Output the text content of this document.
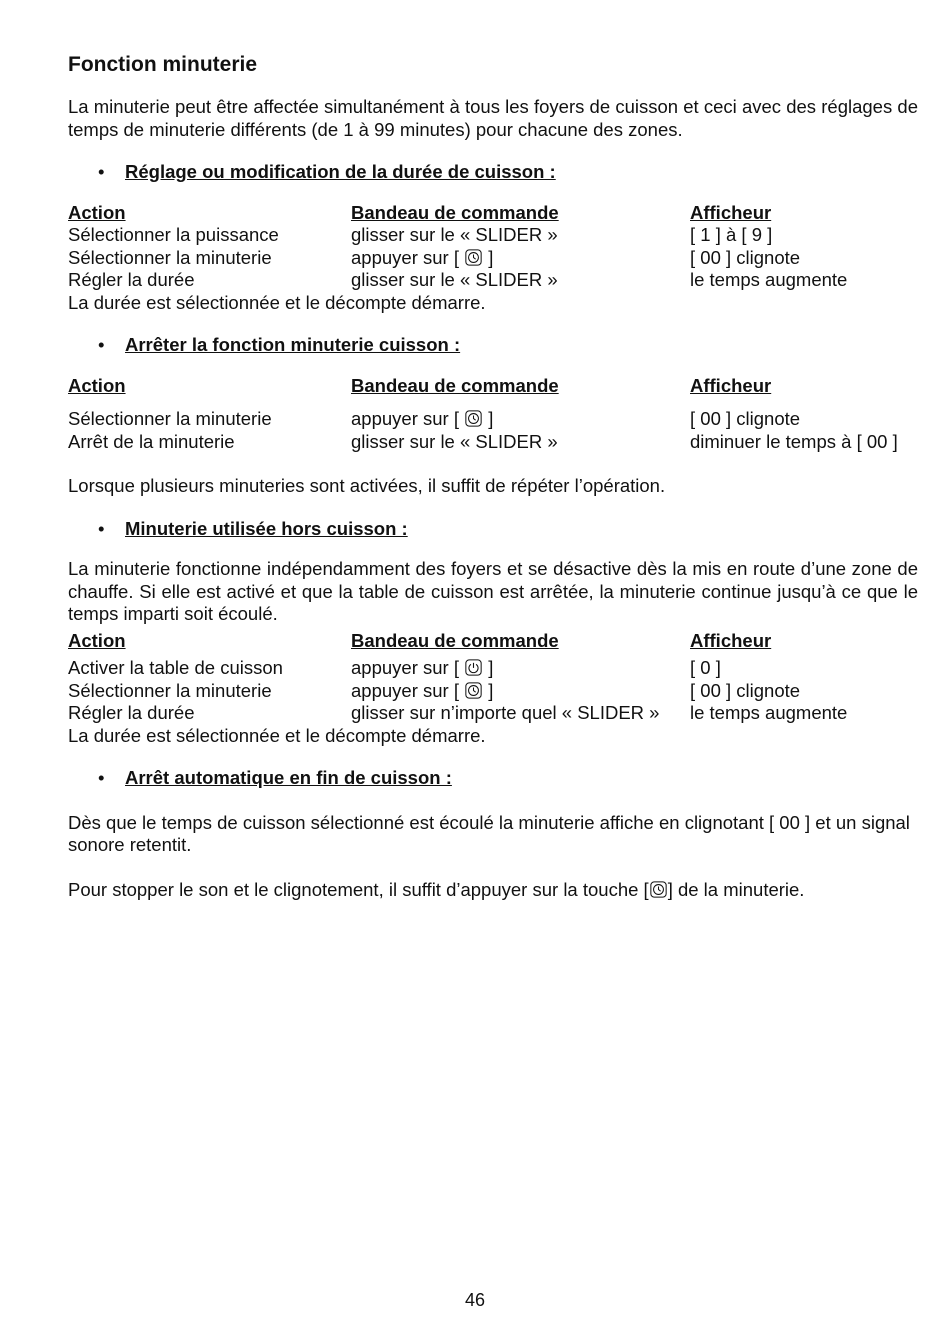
Fonction minuterie

La minuterie peut être affectée simultanément à tous les foyers de cuisson et ceci avec des réglages de temps de minuterie différents (de 1 à 99 minutes) pour chacune des zones.

• Réglage ou modification de la durée de cuisson :
Action	Bandeau de commande	Afficheur
Sélectionner la puissance	glisser sur le « SLIDER »	[ 1 ] à [ 9 ]
Sélectionner la minuterie	appuyer sur [ ]	[ 00 ] clignote
Régler la durée	glisser sur le « SLIDER »	le temps augmente

La durée est sélectionnée et le décompte démarre.

• Arrêter la fonction minuterie cuisson :
Action	Bandeau de commande	Afficheur
Sélectionner la minuterie	appuyer sur [ ]	[ 00 ] clignote
Arrêt de la minuterie	glisser sur le « SLIDER »	diminuer le temps à [ 00 ]

Lorsque plusieurs minuteries sont activées, il suffit de répéter l’opération.

• Minuterie utilisée hors cuisson :

La minuterie fonctionne indépendamment des foyers et se désactive dès la mis en route d’une zone de chauffe. Si elle est activé et que la table de cuisson est arrêtée, la minuterie continue jusqu’à ce que le temps imparti soit écoulé.

Action	Bandeau de commande	Afficheur
Activer la table de cuisson	appuyer sur [ ]	[ 0 ]
Sélectionner la minuterie	appuyer sur [ ]	[ 00 ] clignote
Régler la durée	glisser sur n’importe quel « SLIDER »	le temps augmente

La durée est sélectionnée et le décompte démarre.

• Arrêt automatique en fin de cuisson :

Dès que le temps de cuisson sélectionné est écoulé la minuterie affiche en clignotant [ 00 ] et un signal sonore retentit.

Pour stopper le son et le clignotement, il suffit d’appuyer sur la touche [ ] de la minuterie.

46
